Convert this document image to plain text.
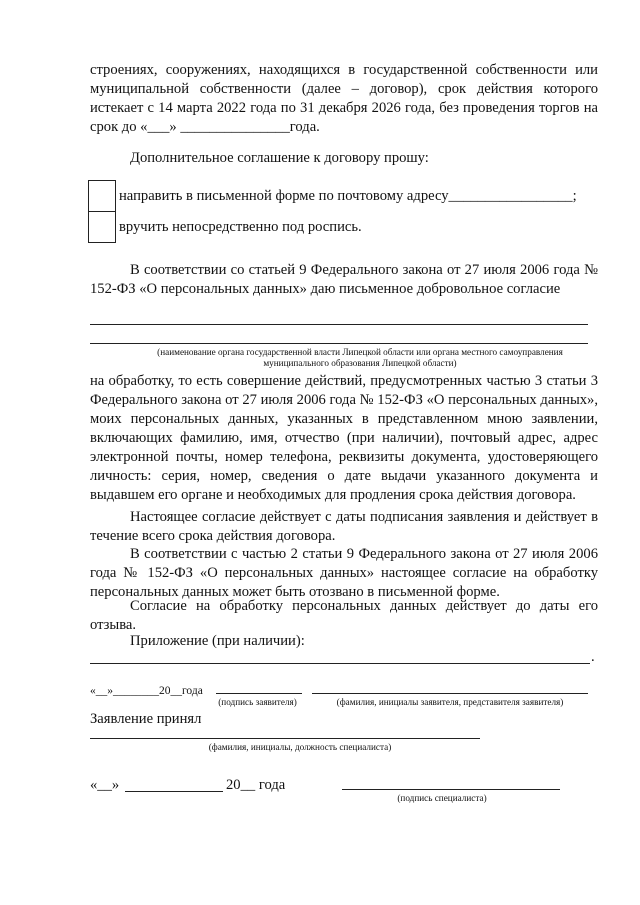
строениях, сооружениях, находящихся в государственной собственности или муниципальной собственности (далее – договор), срок действия которого истекает с 14 марта 2022 года по 31 декабря 2026 года, без проведения торгов на срок до «___» _______________года.

Дополнительное соглашение к договору прошу:

направить в письменной форме по почтовому адресу_________________;
вручить непосредственно под роспись.

В соответствии со статьей 9 Федерального закона от 27 июля 2006 года № 152-ФЗ «О персональных данных» даю письменное добровольное согласие

(наименование органа государственной власти Липецкой области или органа местного самоуправления муниципального образования Липецкой области)

на обработку, то есть совершение действий, предусмотренных частью 3 статьи 3 Федерального закона от 27 июля 2006 года № 152-ФЗ «О персональных данных», моих персональных данных, указанных в представленном мною заявлении, включающих фамилию, имя, отчество (при наличии), почтовый адрес, адрес электронной почты, номер телефона, реквизиты документа, удостоверяющего личность: серия, номер, сведения о дате выдачи указанного документа и выдавшем его органе и необходимых для продления срока действия договора.

Настоящее согласие действует с даты подписания заявления и действует в течение всего срока действия договора.

В соответствии с частью 2 статьи 9 Федерального закона от 27 июля 2006 года № 152-ФЗ «О персональных данных» настоящее согласие на обработку персональных данных может быть отозвано в письменной форме.

Согласие на обработку персональных данных действует до даты его отзыва.

Приложение (при наличии):
.
«__»________20__года
(подпись заявителя)	(фамилия, инициалы заявителя, представителя заявителя)
Заявление принял
(фамилия, инициалы, должность специалиста)
«__»	20__ года
(подпись специалиста)
